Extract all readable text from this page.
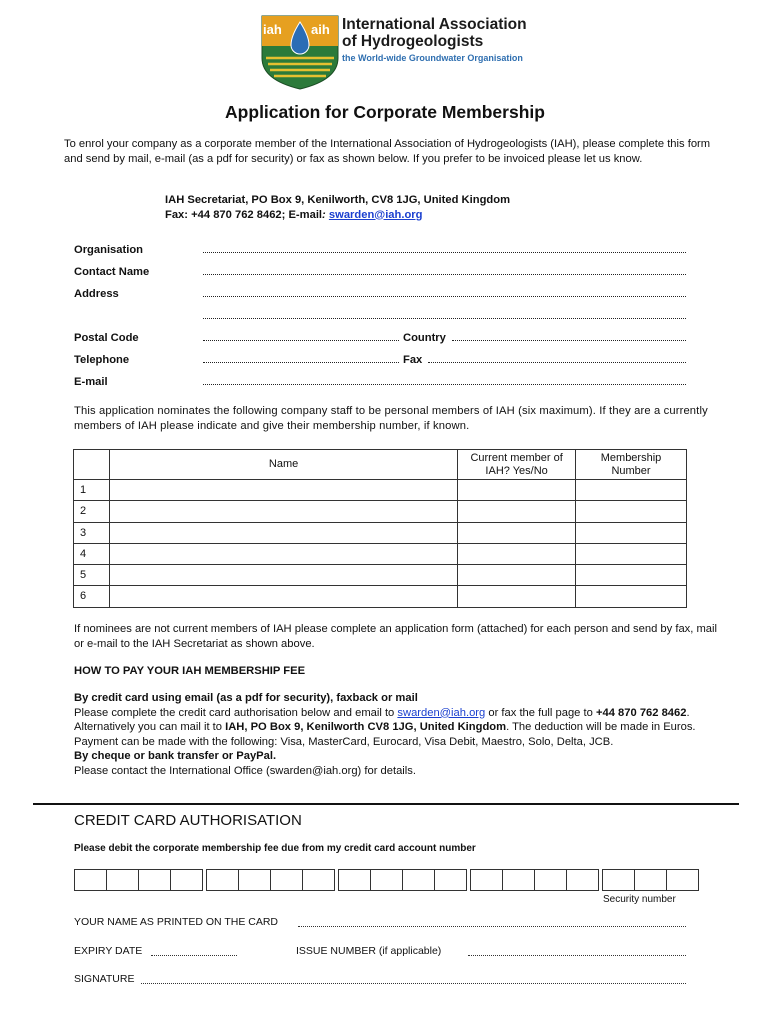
iah aih International Association
of Hydrogeologists
the World-wide Groundwater Organisation
Application for Corporate Membership
To enrol your company as a corporate member of the International Association of Hydrogeologists (IAH), please complete this form and send by mail, e-mail (as a pdf for security) or fax as shown below. If you prefer to be invoiced please let us know.
IAH Secretariat, PO Box 9, Kenilworth, CV8 1JG, United Kingdom
Fax: +44 870 762 8462; E-mail: swarden@iah.org
Organisation
Contact Name
Address
Postal Code	Country
Telephone	Fax
E-mail
This application nominates the following company staff to be personal members of IAH (six maximum). If they are a currently members of IAH please indicate and give their membership number, if known.
	Name	Current member of IAH? Yes/No	Membership Number
1			
2			
3			
4			
5			
6			
If nominees are not current members of IAH please complete an application form (attached) for each person and send by fax, mail or e-mail to the IAH Secretariat as shown above.
HOW TO PAY YOUR IAH MEMBERSHIP FEE
By credit card using email (as a pdf for security), faxback or mail
Please complete the credit card authorisation below and email to swarden@iah.org or fax the full page to +44 870 762 8462. Alternatively you can mail it to IAH, PO Box 9, Kenilworth CV8 1JG, United Kingdom. The deduction will be made in Euros. Payment can be made with the following: Visa, MasterCard, Eurocard, Visa Debit, Maestro, Solo, Delta, JCB.
By cheque or bank transfer or PayPal.
Please contact the International Office (swarden@iah.org) for details.
CREDIT CARD AUTHORISATION
Please debit the corporate membership fee due from my credit card account number
Security number
YOUR NAME AS PRINTED ON THE CARD
EXPIRY DATE	ISSUE NUMBER (if applicable)
SIGNATURE
